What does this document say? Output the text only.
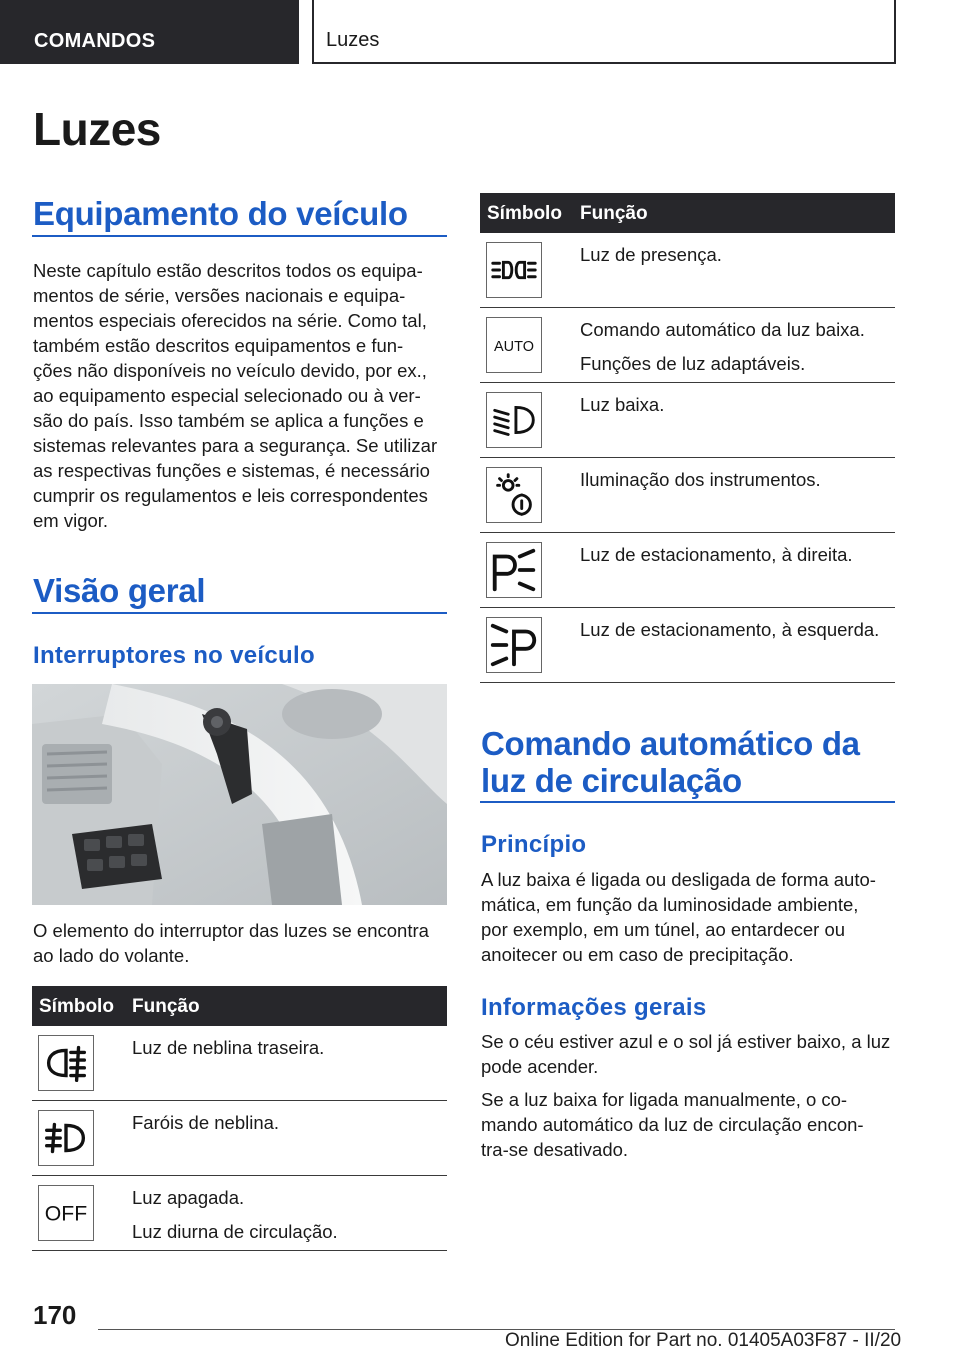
COMANDOS	Luzes
Luzes
Equipamento do veículo
Neste capítulo estão descritos todos os equipa-
mentos de série, versões nacionais e equipa-
mentos especiais oferecidos na série. Como tal,
também estão descritos equipamentos e fun-
ções não disponíveis no veículo devido, por ex.,
ao equipamento especial selecionado ou à ver-
são do país. Isso também se aplica a funções e
sistemas relevantes para a segurança. Se utilizar
as respectivas funções e sistemas, é necessário
cumprir os regulamentos e leis correspondentes
em vigor.
Visão geral
Interruptores no veículo
O elemento do interruptor das luzes se encontra
ao lado do volante.
Símbolo Função
Luz de neblina traseira.
Faróis de neblina.
OFF
Luz apagada.
Luz diurna de circulação.
Símbolo Função
Luz de presença.
AUTO
Comando automático da luz baixa.
Funções de luz adaptáveis.
Luz baixa.
Iluminação dos instrumentos.
Luz de estacionamento, à direita.
Luz de estacionamento, à esquerda.
Comando automático da
luz de circulação
Princípio
A luz baixa é ligada ou desligada de forma auto-
mática, em função da luminosidade ambiente,
por exemplo, em um túnel, ao entardecer ou
anoitecer ou em caso de precipitação.
Informações gerais
Se o céu estiver azul e o sol já estiver baixo, a luz
pode acender.
Se a luz baixa for ligada manualmente, o co-
mando automático da luz de circulação encon-
tra-se desativado.
170
Online Edition for Part no. 01405A03F87 - II/20
